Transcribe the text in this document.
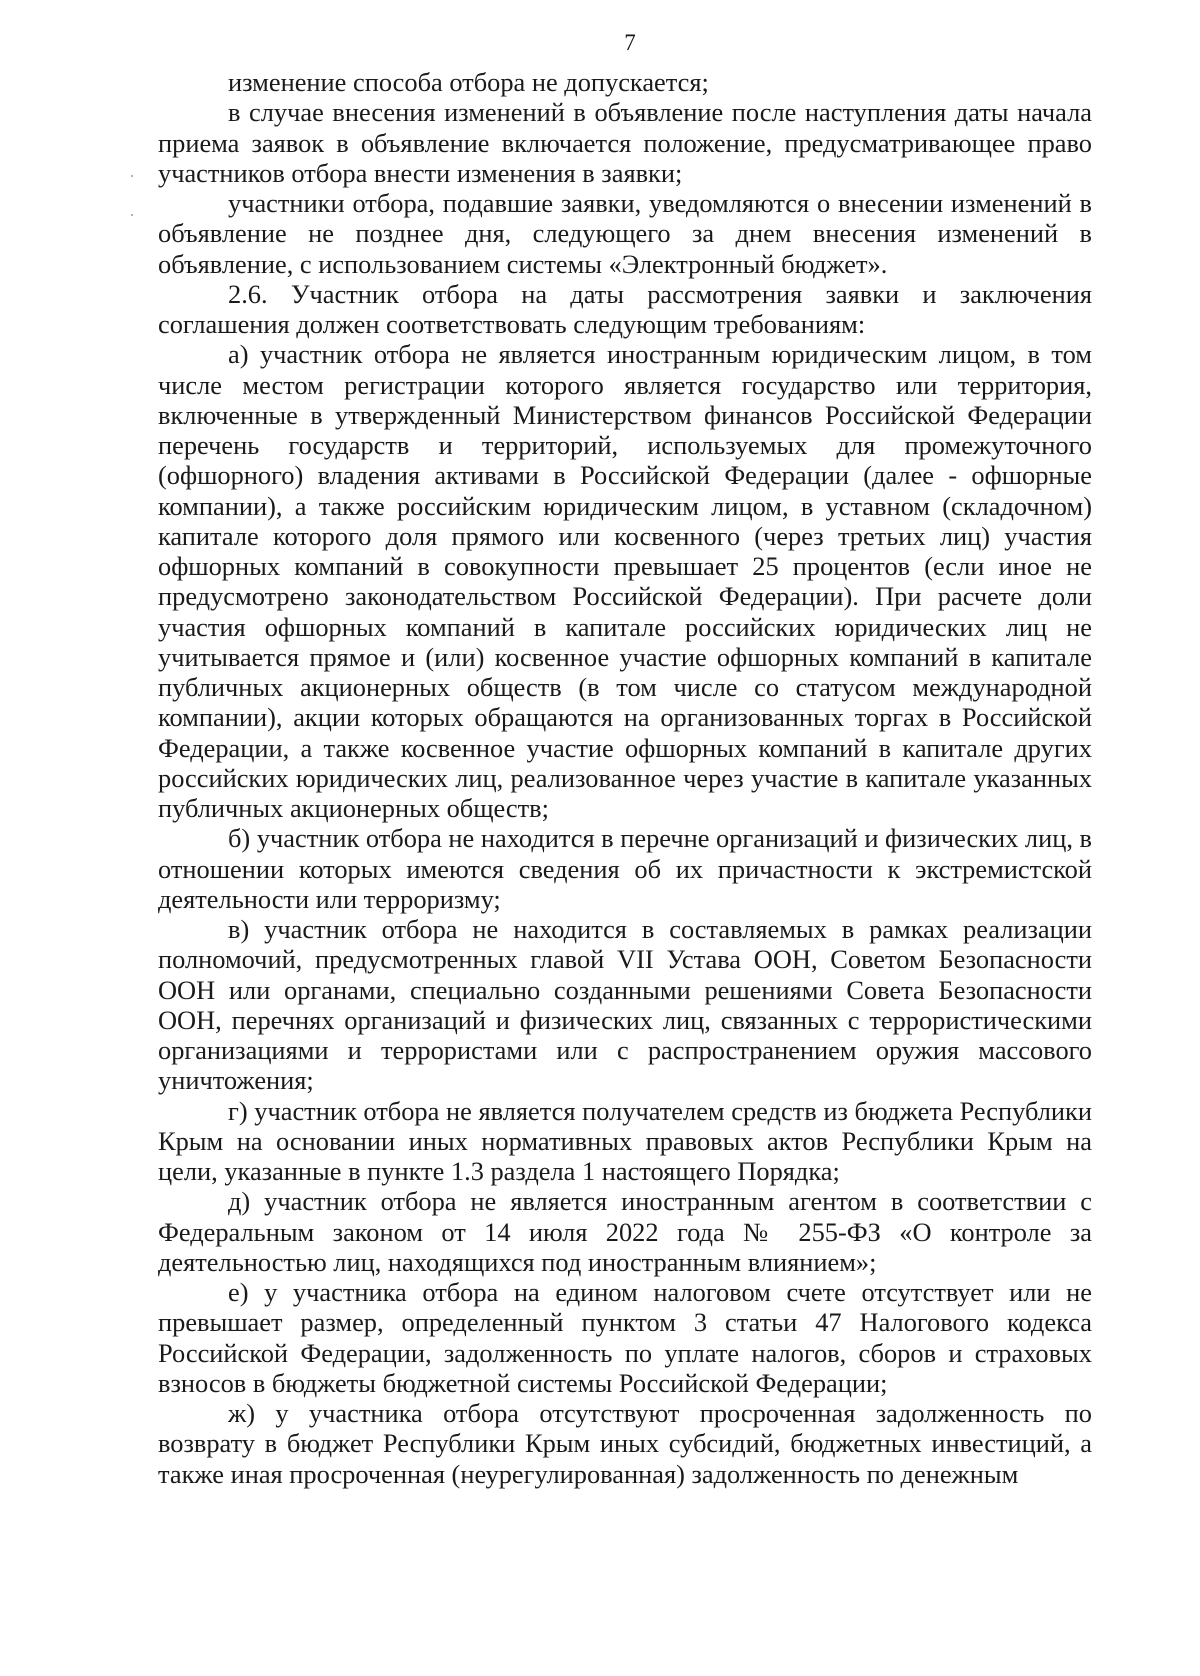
7

изменение способа отбора не допускается;

в случае внесения изменений в объявление после наступления даты начала приема заявок в объявление включается положение, предусматривающее право участников отбора внести изменения в заявки;

участники отбора, подавшие заявки, уведомляются о внесении изменений в объявление не позднее дня, следующего за днем внесения изменений в объявление, с использованием системы «Электронный бюджет».

2.6. Участник отбора на даты рассмотрения заявки и заключения соглашения должен соответствовать следующим требованиям:

а) участник отбора не является иностранным юридическим лицом, в том числе местом регистрации которого является государство или территория, включенные в утвержденный Министерством финансов Российской Федерации перечень государств и территорий, используемых для промежуточного (офшорного) владения активами в Российской Федерации (далее - офшорные компании), а также российским юридическим лицом, в уставном (складочном) капитале которого доля прямого или косвенного (через третьих лиц) участия офшорных компаний в совокупности превышает 25 процентов (если иное не предусмотрено законодательством Российской Федерации). При расчете доли участия офшорных компаний в капитале российских юридических лиц не учитывается прямое и (или) косвенное участие офшорных компаний в капитале публичных акционерных обществ (в том числе со статусом международной компании), акции которых обращаются на организованных торгах в Российской Федерации, а также косвенное участие офшорных компаний в капитале других российских юридических лиц, реализованное через участие в капитале указанных публичных акционерных обществ;

б) участник отбора не находится в перечне организаций и физических лиц, в отношении которых имеются сведения об их причастности к экстремистской деятельности или терроризму;

в) участник отбора не находится в составляемых в рамках реализации полномочий, предусмотренных главой VII Устава ООН, Советом Безопасности ООН или органами, специально созданными решениями Совета Безопасности ООН, перечнях организаций и физических лиц, связанных с террористическими организациями и террористами или с распространением оружия массового уничтожения;

г) участник отбора не является получателем средств из бюджета Республики Крым на основании иных нормативных правовых актов Республики Крым на цели, указанные в пункте 1.3 раздела 1 настоящего Порядка;

д) участник отбора не является иностранным агентом в соответствии с Федеральным законом от 14 июля 2022 года № 255-ФЗ «О контроле за деятельностью лиц, находящихся под иностранным влиянием»;

е) у участника отбора на едином налоговом счете отсутствует или не превышает размер, определенный пунктом 3 статьи 47 Налогового кодекса Российской Федерации, задолженность по уплате налогов, сборов и страховых взносов в бюджеты бюджетной системы Российской Федерации;

ж) у участника отбора отсутствуют просроченная задолженность по возврату в бюджет Республики Крым иных субсидий, бюджетных инвестиций, а также иная просроченная (неурегулированная) задолженность по денежным
